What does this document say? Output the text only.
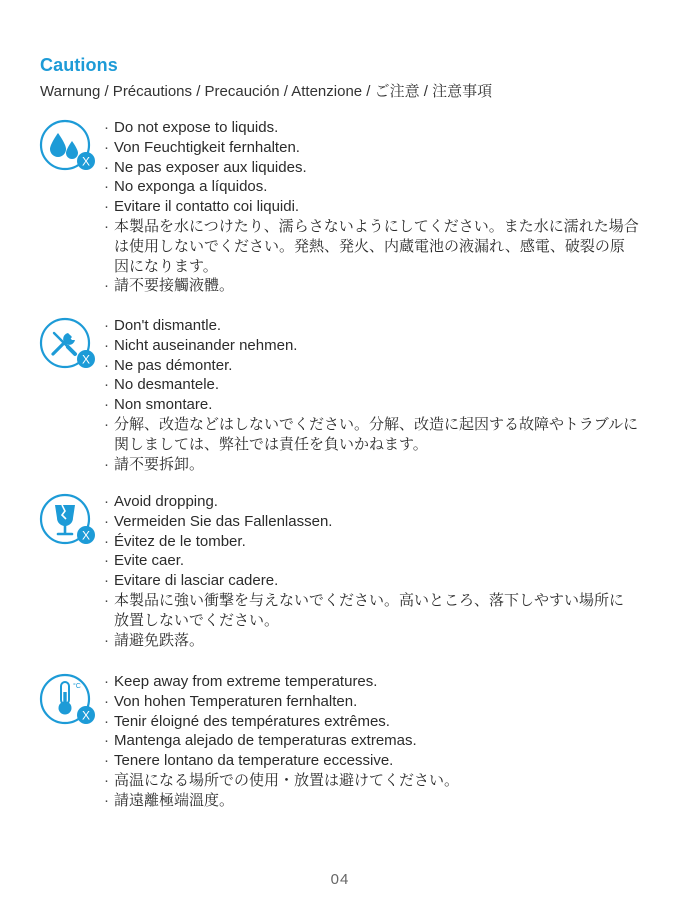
Cautions
Warnung / Précautions / Precaución / Attenzione / ご注意 / 注意事項
X
· Do not expose to liquids.
· Von Feuchtigkeit fernhalten.
· Ne pas exposer aux liquides.
· No exponga a líquidos.
· Evitare il contatto coi liquidi.
· 本製品を水につけたり、濡らさないようにしてください。また水に濡れた場合
は使用しないでください。発熱、発火、内蔵電池の液漏れ、感電、破裂の原
因になります。
· 請不要接觸液體。
X
· Don't dismantle.
· Nicht auseinander nehmen.
· Ne pas démonter.
· No desmantele.
· Non smontare.
· 分解、改造などはしないでください。分解、改造に起因する故障やトラブルに
関しましては、弊社では責任を負いかねます。
· 請不要拆卸。
X
· Avoid dropping.
· Vermeiden Sie das Fallenlassen.
· Évitez de le tomber.
· Evite caer.
· Evitare di lasciar cadere.
· 本製品に強い衝撃を与えないでください。高いところ、落下しやすい場所に
放置しないでください。
· 請避免跌落。
°C
X
· Keep away from extreme temperatures.
· Von hohen Temperaturen fernhalten.
· Tenir éloigné des températures extrêmes.
· Mantenga alejado de temperaturas extremas.
· Tenere lontano da temperature eccessive.
· 高温になる場所での使用・放置は避けてください。
· 請遠離極端溫度。
04
